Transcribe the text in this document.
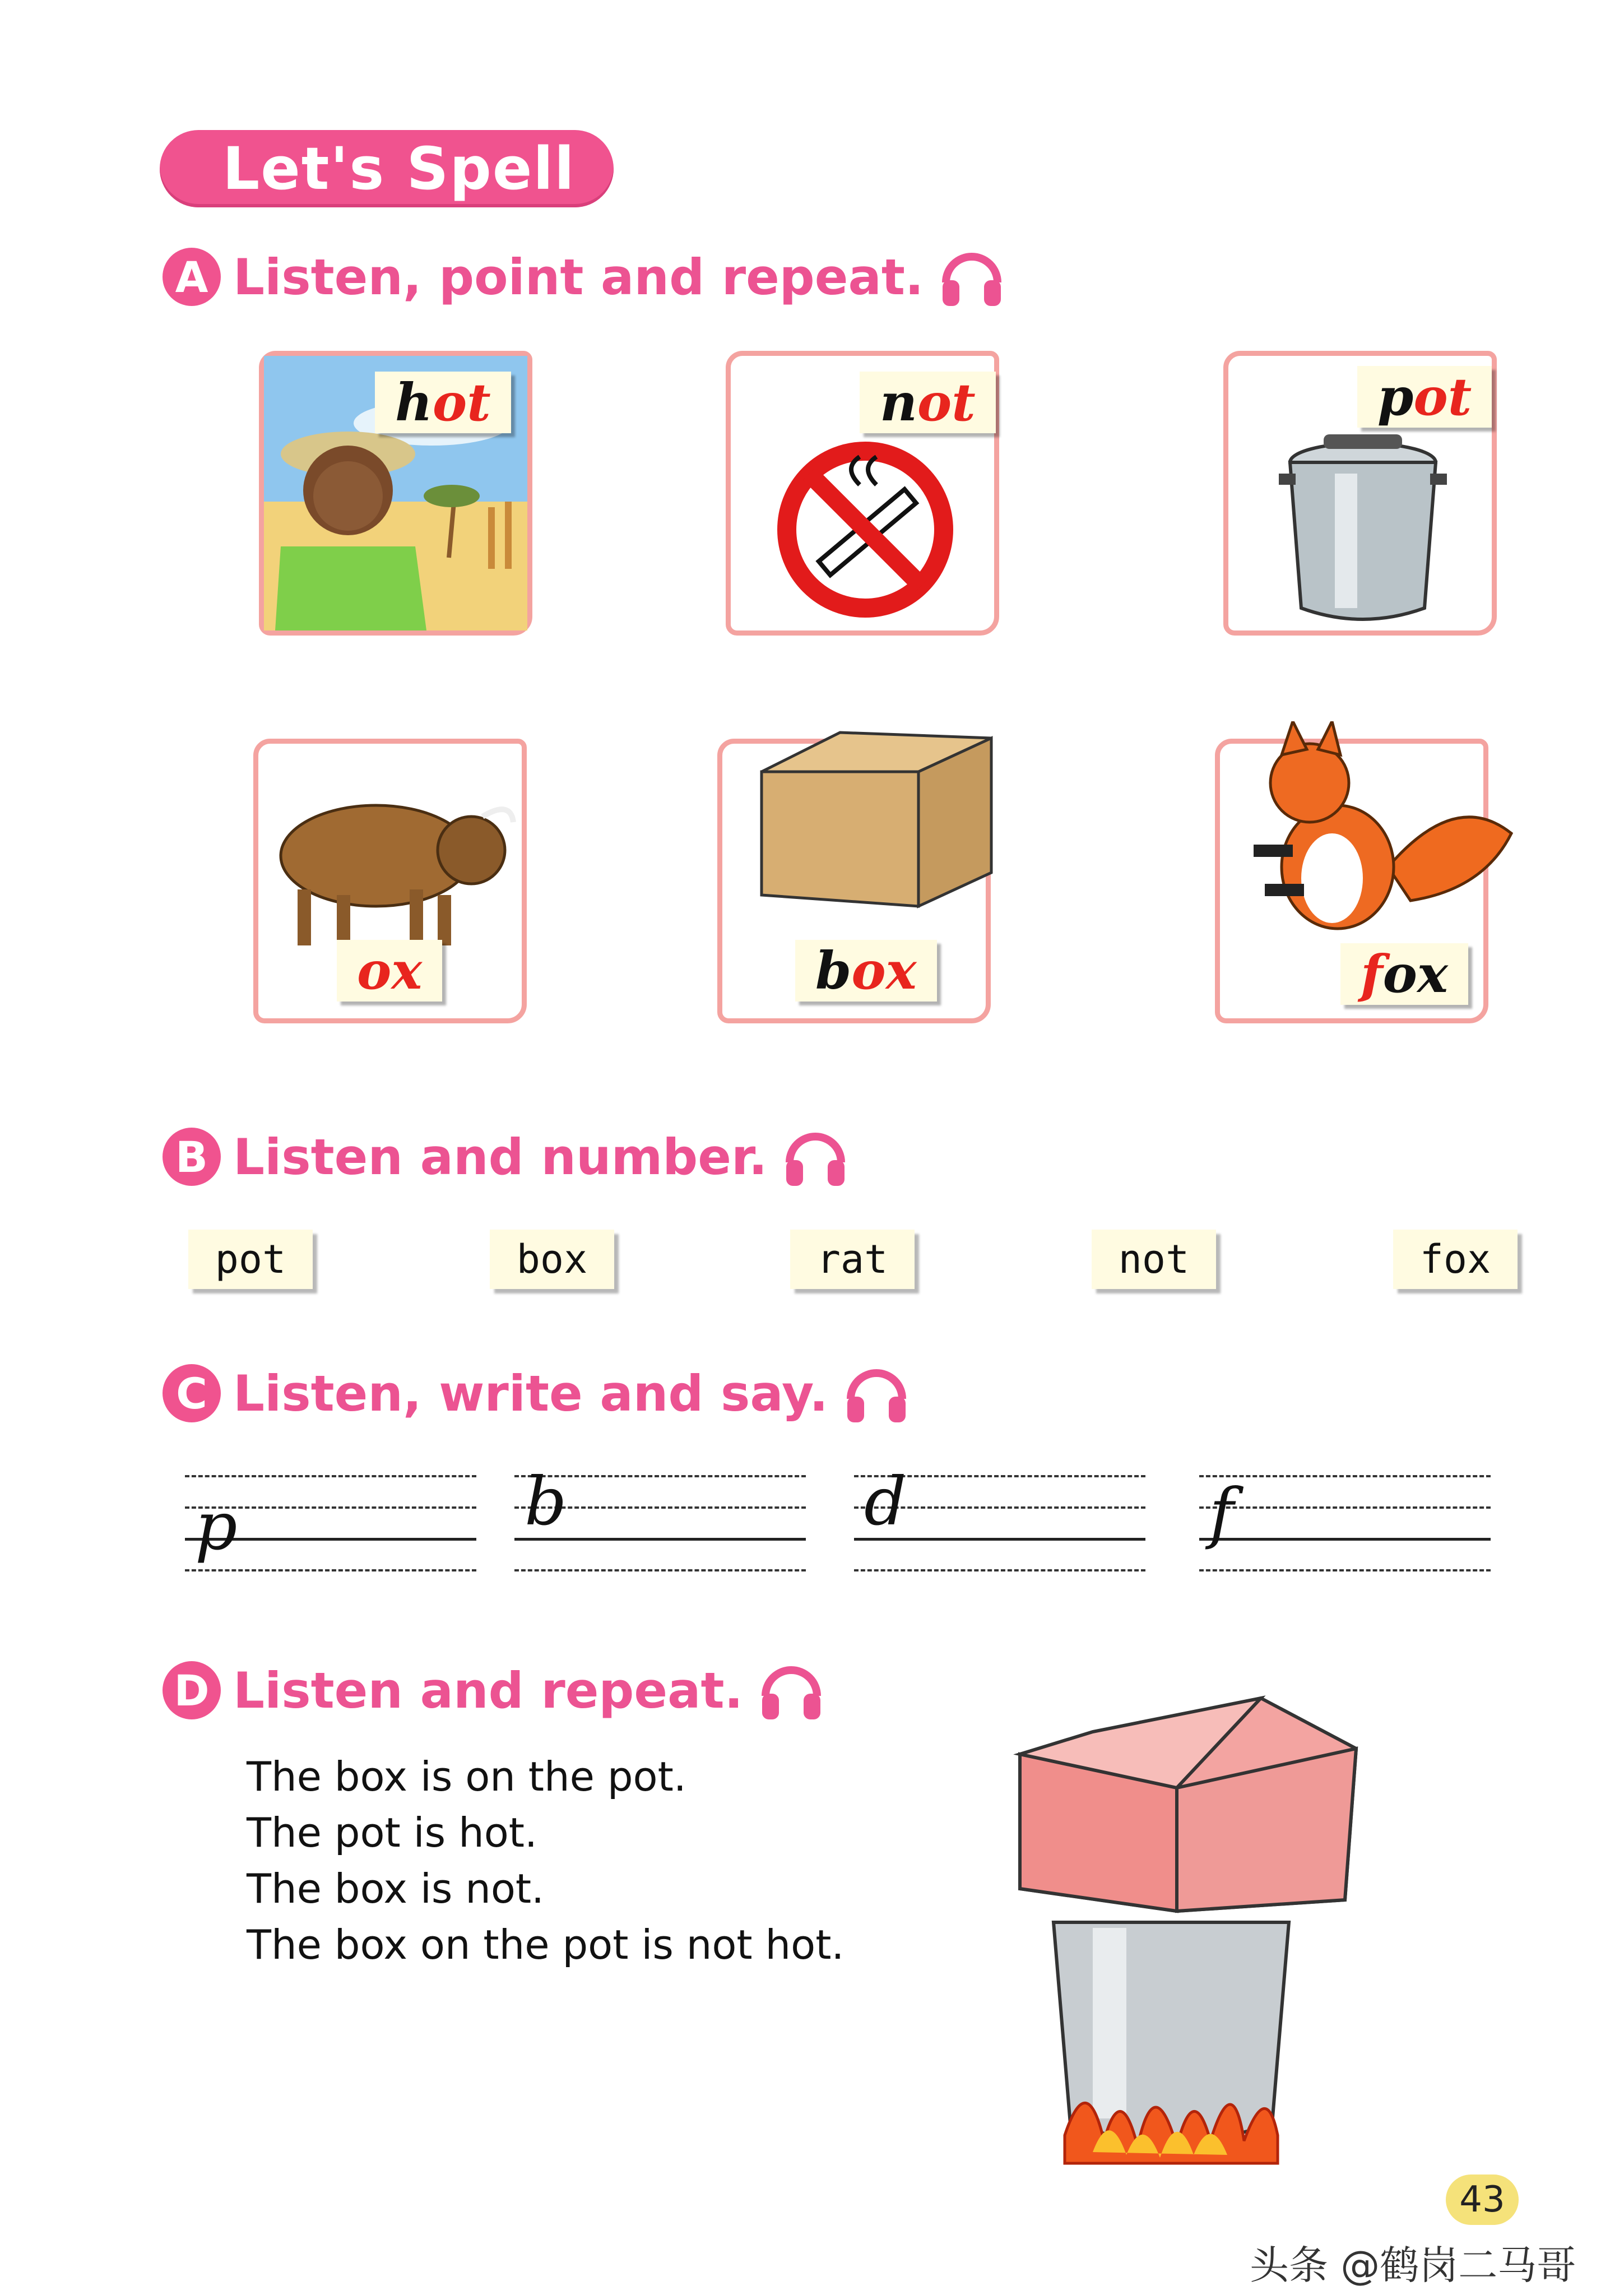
Let's Spell
A Listen, point and repeat.
h ot	n ot	p ot
ox	b ox	f ox
B Listen and number.
pot	box	rat	not	fox
C Listen, write and say.
p	b	d	f
D Listen and repeat.
The box is on the pot.
The pot is hot.
The box is not.
The box on the pot is not hot.
43
头条 @鹤岗二马哥
